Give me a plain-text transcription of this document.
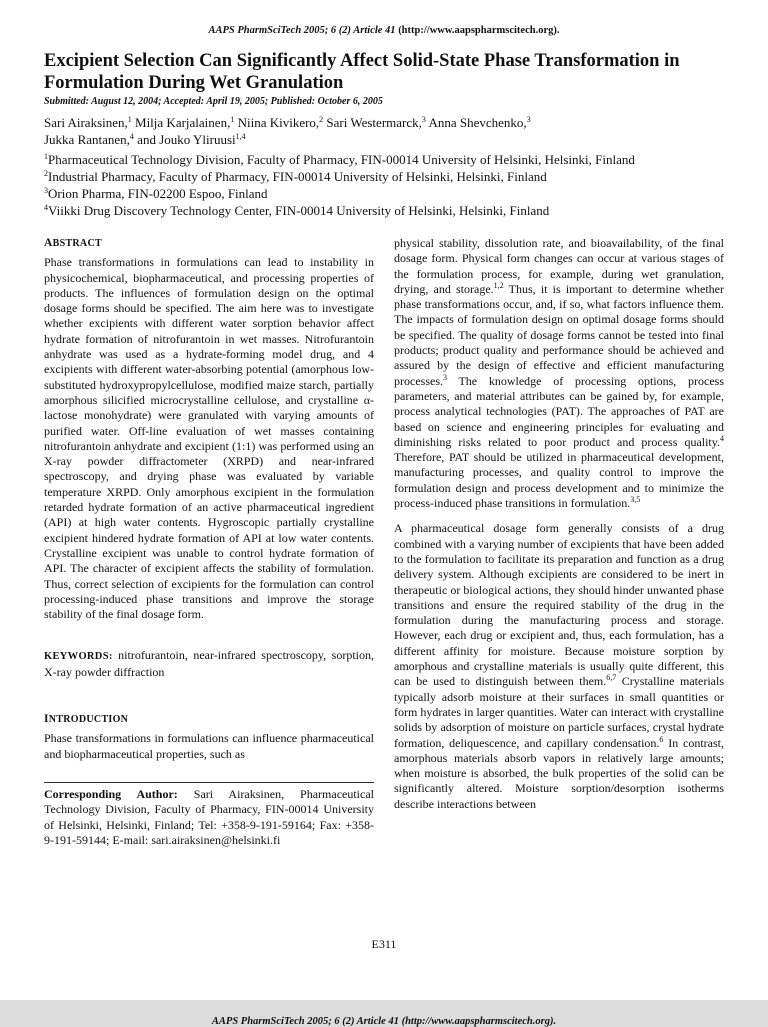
AAPS PharmSciTech 2005; 6 (2) Article 41 (http://www.aapspharmscitech.org).
Excipient Selection Can Significantly Affect Solid-State Phase Transformation in Formulation During Wet Granulation
Submitted: August 12, 2004; Accepted: April 19, 2005; Published: October 6, 2005
Sari Airaksinen,$^1$ Milja Karjalainen,$^1$ Niina Kivikero,$^2$ Sari Westermarck,$^3$ Anna Shevchenko,$^3$
Jukka Rantanen,$^4$ and Jouko Yliruusi$^{1,4}$
$^1$Pharmaceutical Technology Division, Faculty of Pharmacy, FIN-00014 University of Helsinki, Helsinki, Finland
$^2$Industrial Pharmacy, Faculty of Pharmacy, FIN-00014 University of Helsinki, Helsinki, Finland
$^3$Orion Pharma, FIN-02200 Espoo, Finland
$^4$Viikki Drug Discovery Technology Center, FIN-00014 University of Helsinki, Helsinki, Finland
ABSTRACT

Phase transformations in formulations can lead to instability in physicochemical, biopharmaceutical, and processing properties of products. The influences of formulation design on the optimal dosage forms should be specified. The aim here was to investigate whether excipients with different water sorption behavior affect hydrate formation of nitrofurantoin in wet masses. Nitrofurantoin anhydrate was used as a hydrate-forming model drug, and 4 excipients with different water-absorbing potential (amorphous low-substituted hydroxypropylcellulose, modified maize starch, partially amorphous silicified microcrystalline cellulose, and crystalline α-lactose monohydrate) were granulated with varying amounts of purified water. Off-line evaluation of wet masses containing nitrofurantoin anhydrate and excipient (1:1) was performed using an X-ray powder diffractometer (XRPD) and near-infrared spectroscopy, and drying phase was evaluated by variable temperature XRPD. Only amorphous excipient in the formulation retarded hydrate formation of an active pharmaceutical ingredient (API) at high water contents. Hygroscopic partially crystalline excipient hindered hydrate formation of API at low water contents. Crystalline excipient was unable to control hydrate formation of API. The character of excipient affects the stability of formulation. Thus, correct selection of excipients for the formulation can control processing-induced phase transitions and improve the storage stability of the final dosage form.

KEYWORDS: nitrofurantoin, near-infrared spectroscopy, sorption, X-ray powder diffraction

INTRODUCTION

Phase transformations in formulations can influence pharmaceutical and biopharmaceutical properties, such as

Corresponding Author: Sari Airaksinen, Pharmaceutical Technology Division, Faculty of Pharmacy, FIN-00014 University of Helsinki, Helsinki, Finland; Tel: +358-9-191-59164; Fax: +358-9-191-59144; E-mail: sari.airaksinen@helsinki.fi

physical stability, dissolution rate, and bioavailability, of the final dosage form. Physical form changes can occur at various stages of the formulation process, for example, during wet granulation, drying, and storage.$^{1,2}$ Thus, it is important to determine whether phase transformations occur, and, if so, what factors influence them. The impacts of formulation design on optimal dosage forms should be specified. The quality of dosage forms cannot be tested into final products; product quality and performance should be achieved and assured by the design of effective and efficient manufacturing processes.$^3$ The knowledge of processing options, process parameters, and material attributes can be gained by, for example, process analytical technologies (PAT). The approaches of PAT are based on science and engineering principles for evaluating and diminishing risks related to poor product and process quality.$^4$ Therefore, PAT should be utilized in pharmaceutical development, manufacturing processes, and quality control to improve the formulation design and process development and to minimize the process-induced phase transitions in formulation.$^{3,5}$

A pharmaceutical dosage form generally consists of a drug combined with a varying number of excipients that have been added to the formulation to facilitate its preparation and function as a drug delivery system. Although excipients are considered to be inert in therapeutic or biological actions, they should hinder unwanted phase transitions and ensure the required stability of the drug in the formulation during the manufacturing process and storage. However, each drug or excipient and, thus, each formulation, has a different affinity for moisture. Because moisture sorption by amorphous and crystalline materials is usually quite different, this can be used to distinguish between them.$^{6,7}$ Crystalline materials typically adsorb moisture at their surfaces in small quantities or form hydrates in larger quantities. Water can interact with crystalline solids by adsorption of moisture on particle surfaces, crystal hydrate formation, deliquescence, and capillary condensation.$^6$ In contrast, amorphous materials absorb vapors in relatively large amounts; when moisture is absorbed, the bulk properties of the solid can be significantly altered. Moisture sorption/desorption isotherms describe interactions between

E311
AAPS PharmSciTech 2005; 6 (2) Article 41 (http://www.aapspharmscitech.org).
